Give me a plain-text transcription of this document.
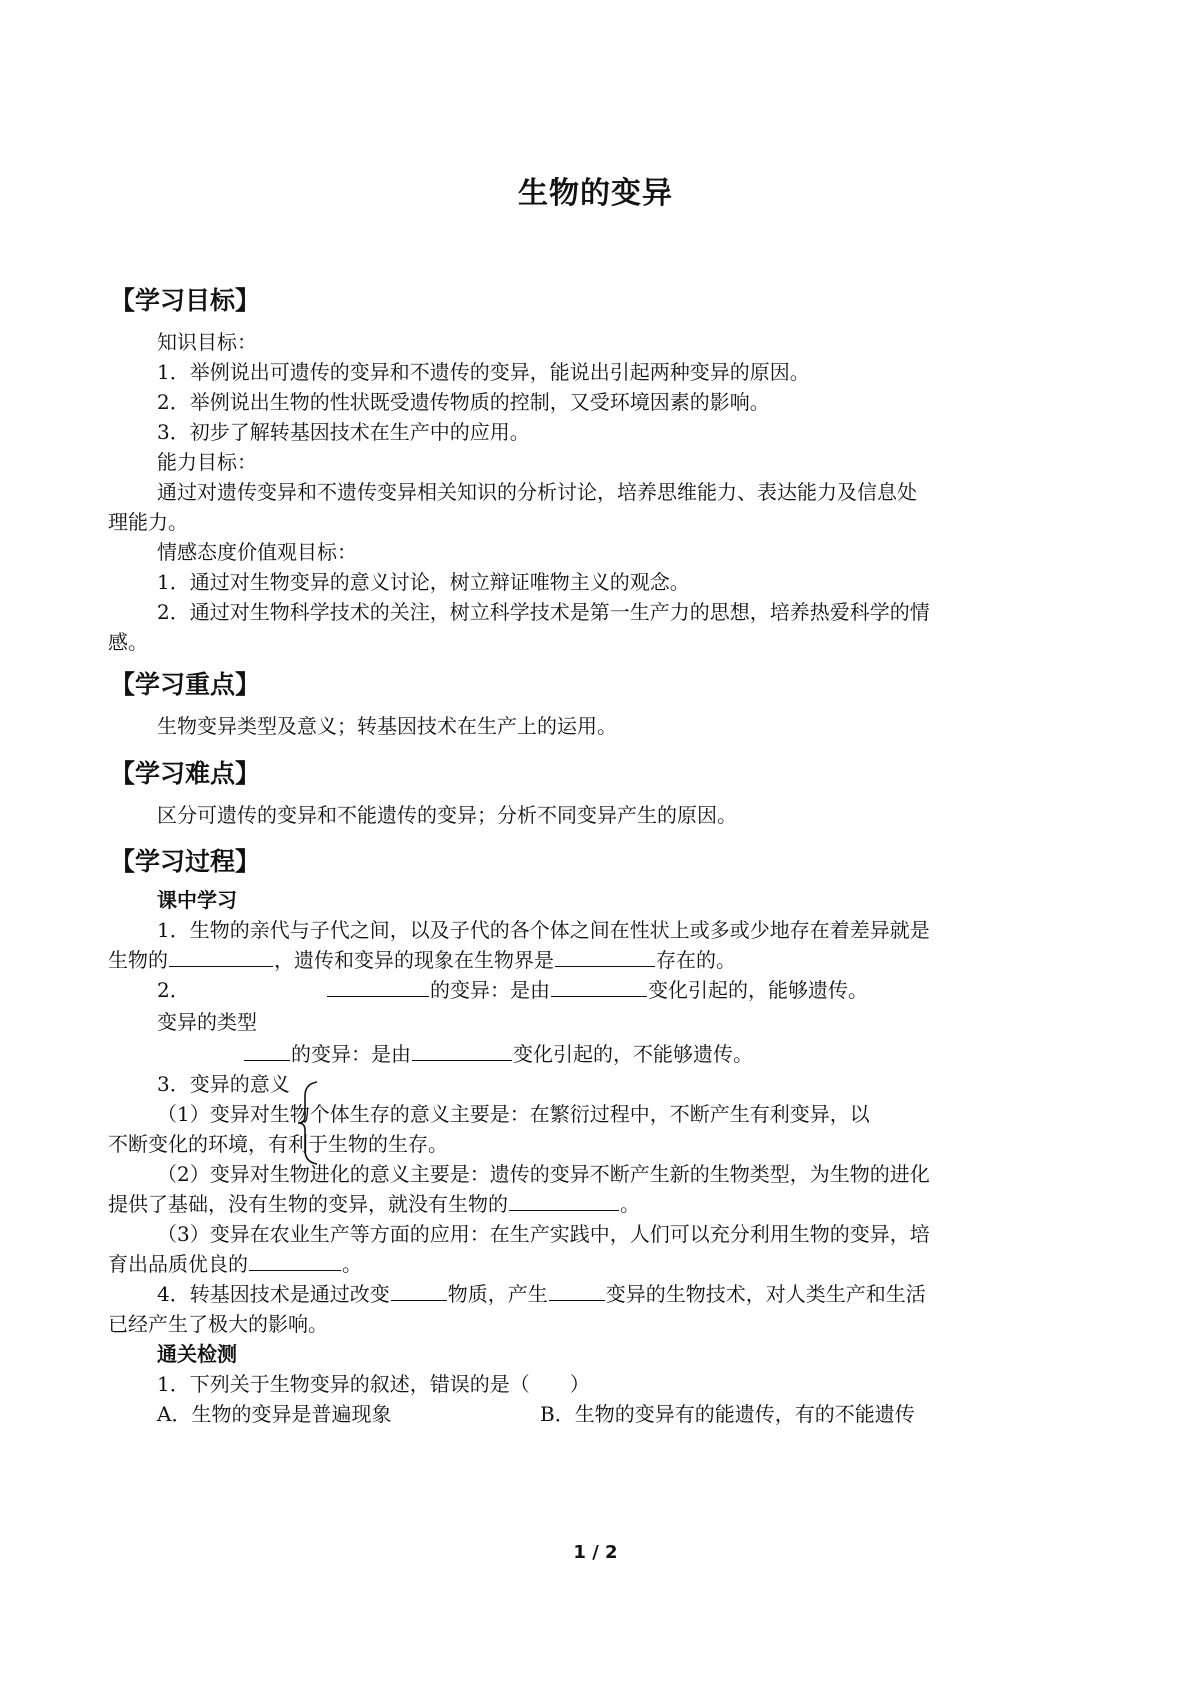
生物的变异
【学习目标】
知识目标：
1．举例说出可遗传的变异和不遗传的变异，能说出引起两种变异的原因。
2．举例说出生物的性状既受遗传物质的控制，又受环境因素的影响。
3．初步了解转基因技术在生产中的应用。
能力目标：
通过对遗传变异和不遗传变异相关知识的分析讨论，培养思维能力、表达能力及信息处
理能力。
情感态度价值观目标：
1．通过对生物变异的意义讨论，树立辩证唯物主义的观念。
2．通过对生物科学技术的关注，树立科学技术是第一生产力的思想，培养热爱科学的情
感。
【学习重点】
生物变异类型及意义；转基因技术在生产上的运用。
【学习难点】
区分可遗传的变异和不能遗传的变异；分析不同变异产生的原因。
【学习过程】
课中学习
1．生物的亲代与子代之间，以及子代的各个体之间在性状上或多或少地存在着差异就是
生物的	，遗传和变异的现象在生物界是	存在的。
2．	的变异：是由	变化引起的，能够遗传。
变异的类型
的变异：是由	变化引起的，不能够遗传。
3．变异的意义
（1）变异对生物个体生存的意义主要是：在繁衍过程中，不断产生有利变异，以
不断变化的环境，有利于生物的生存。
（2）变异对生物进化的意义主要是：遗传的变异不断产生新的生物类型，为生物的进化
提供了基础，没有生物的变异，就没有生物的	。
（3）变异在农业生产等方面的应用：在生产实践中，人们可以充分利用生物的变异，培
育出品质优良的	。
4．转基因技术是通过改变	物质，产生	变异的生物技术，对人类生产和生活
已经产生了极大的影响。
通关检测
1．下列关于生物变异的叙述，错误的是（　　）
A．生物的变异是普遍现象	B．生物的变异有的能遗传，有的不能遗传
1 / 2
